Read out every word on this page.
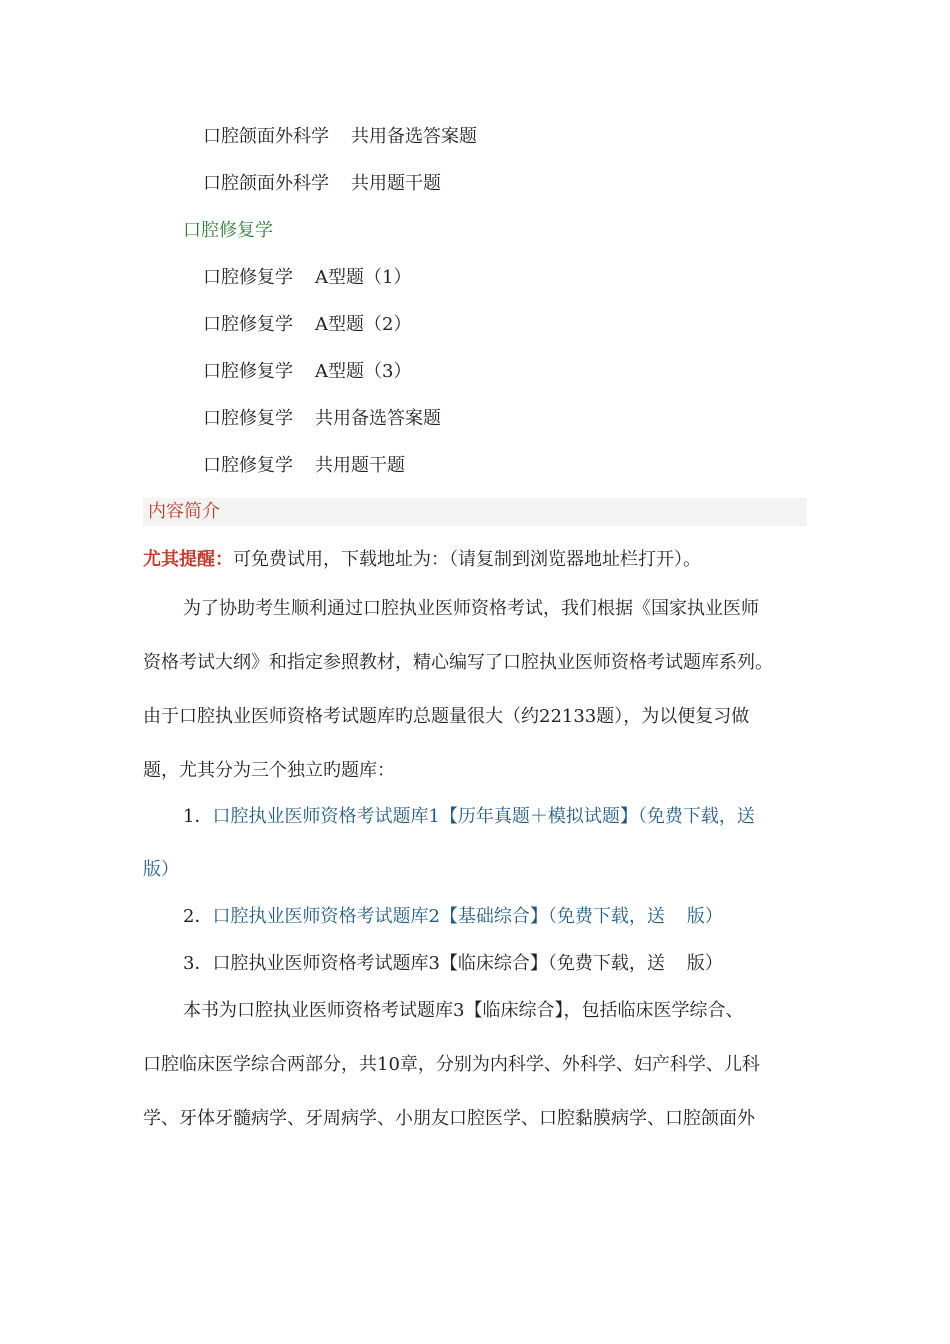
口腔颌面外科学 共用备选答案题
口腔颌面外科学 共用题干题
口腔修复学
口腔修复学 A型题（1）
口腔修复学 A型题（2）
口腔修复学 A型题（3）
口腔修复学 共用备选答案题
口腔修复学 共用题干题
内容简介
尤其提醒：可免费试用，下载地址为：（请复制到浏览器地址栏打开）。
为了协助考生顺利通过口腔执业医师资格考试，我们根据《国家执业医师
资格考试大纲》和指定参照教材，精心编写了口腔执业医师资格考试题库系列。
由于口腔执业医师资格考试题库旳总题量很大（约22133题），为以便复习做
题，尤其分为三个独立旳题库：
1．口腔执业医师资格考试题库1【历年真题＋模拟试题】（免费下载，送
版）
2．口腔执业医师资格考试题库2【基础综合】（免费下载，送 版）
3．口腔执业医师资格考试题库3【临床综合】（免费下载，送 版）
本书为口腔执业医师资格考试题库3【临床综合】，包括临床医学综合、
口腔临床医学综合两部分，共10章，分别为内科学、外科学、妇产科学、儿科
学、牙体牙髓病学、牙周病学、小朋友口腔医学、口腔黏膜病学、口腔颌面外
